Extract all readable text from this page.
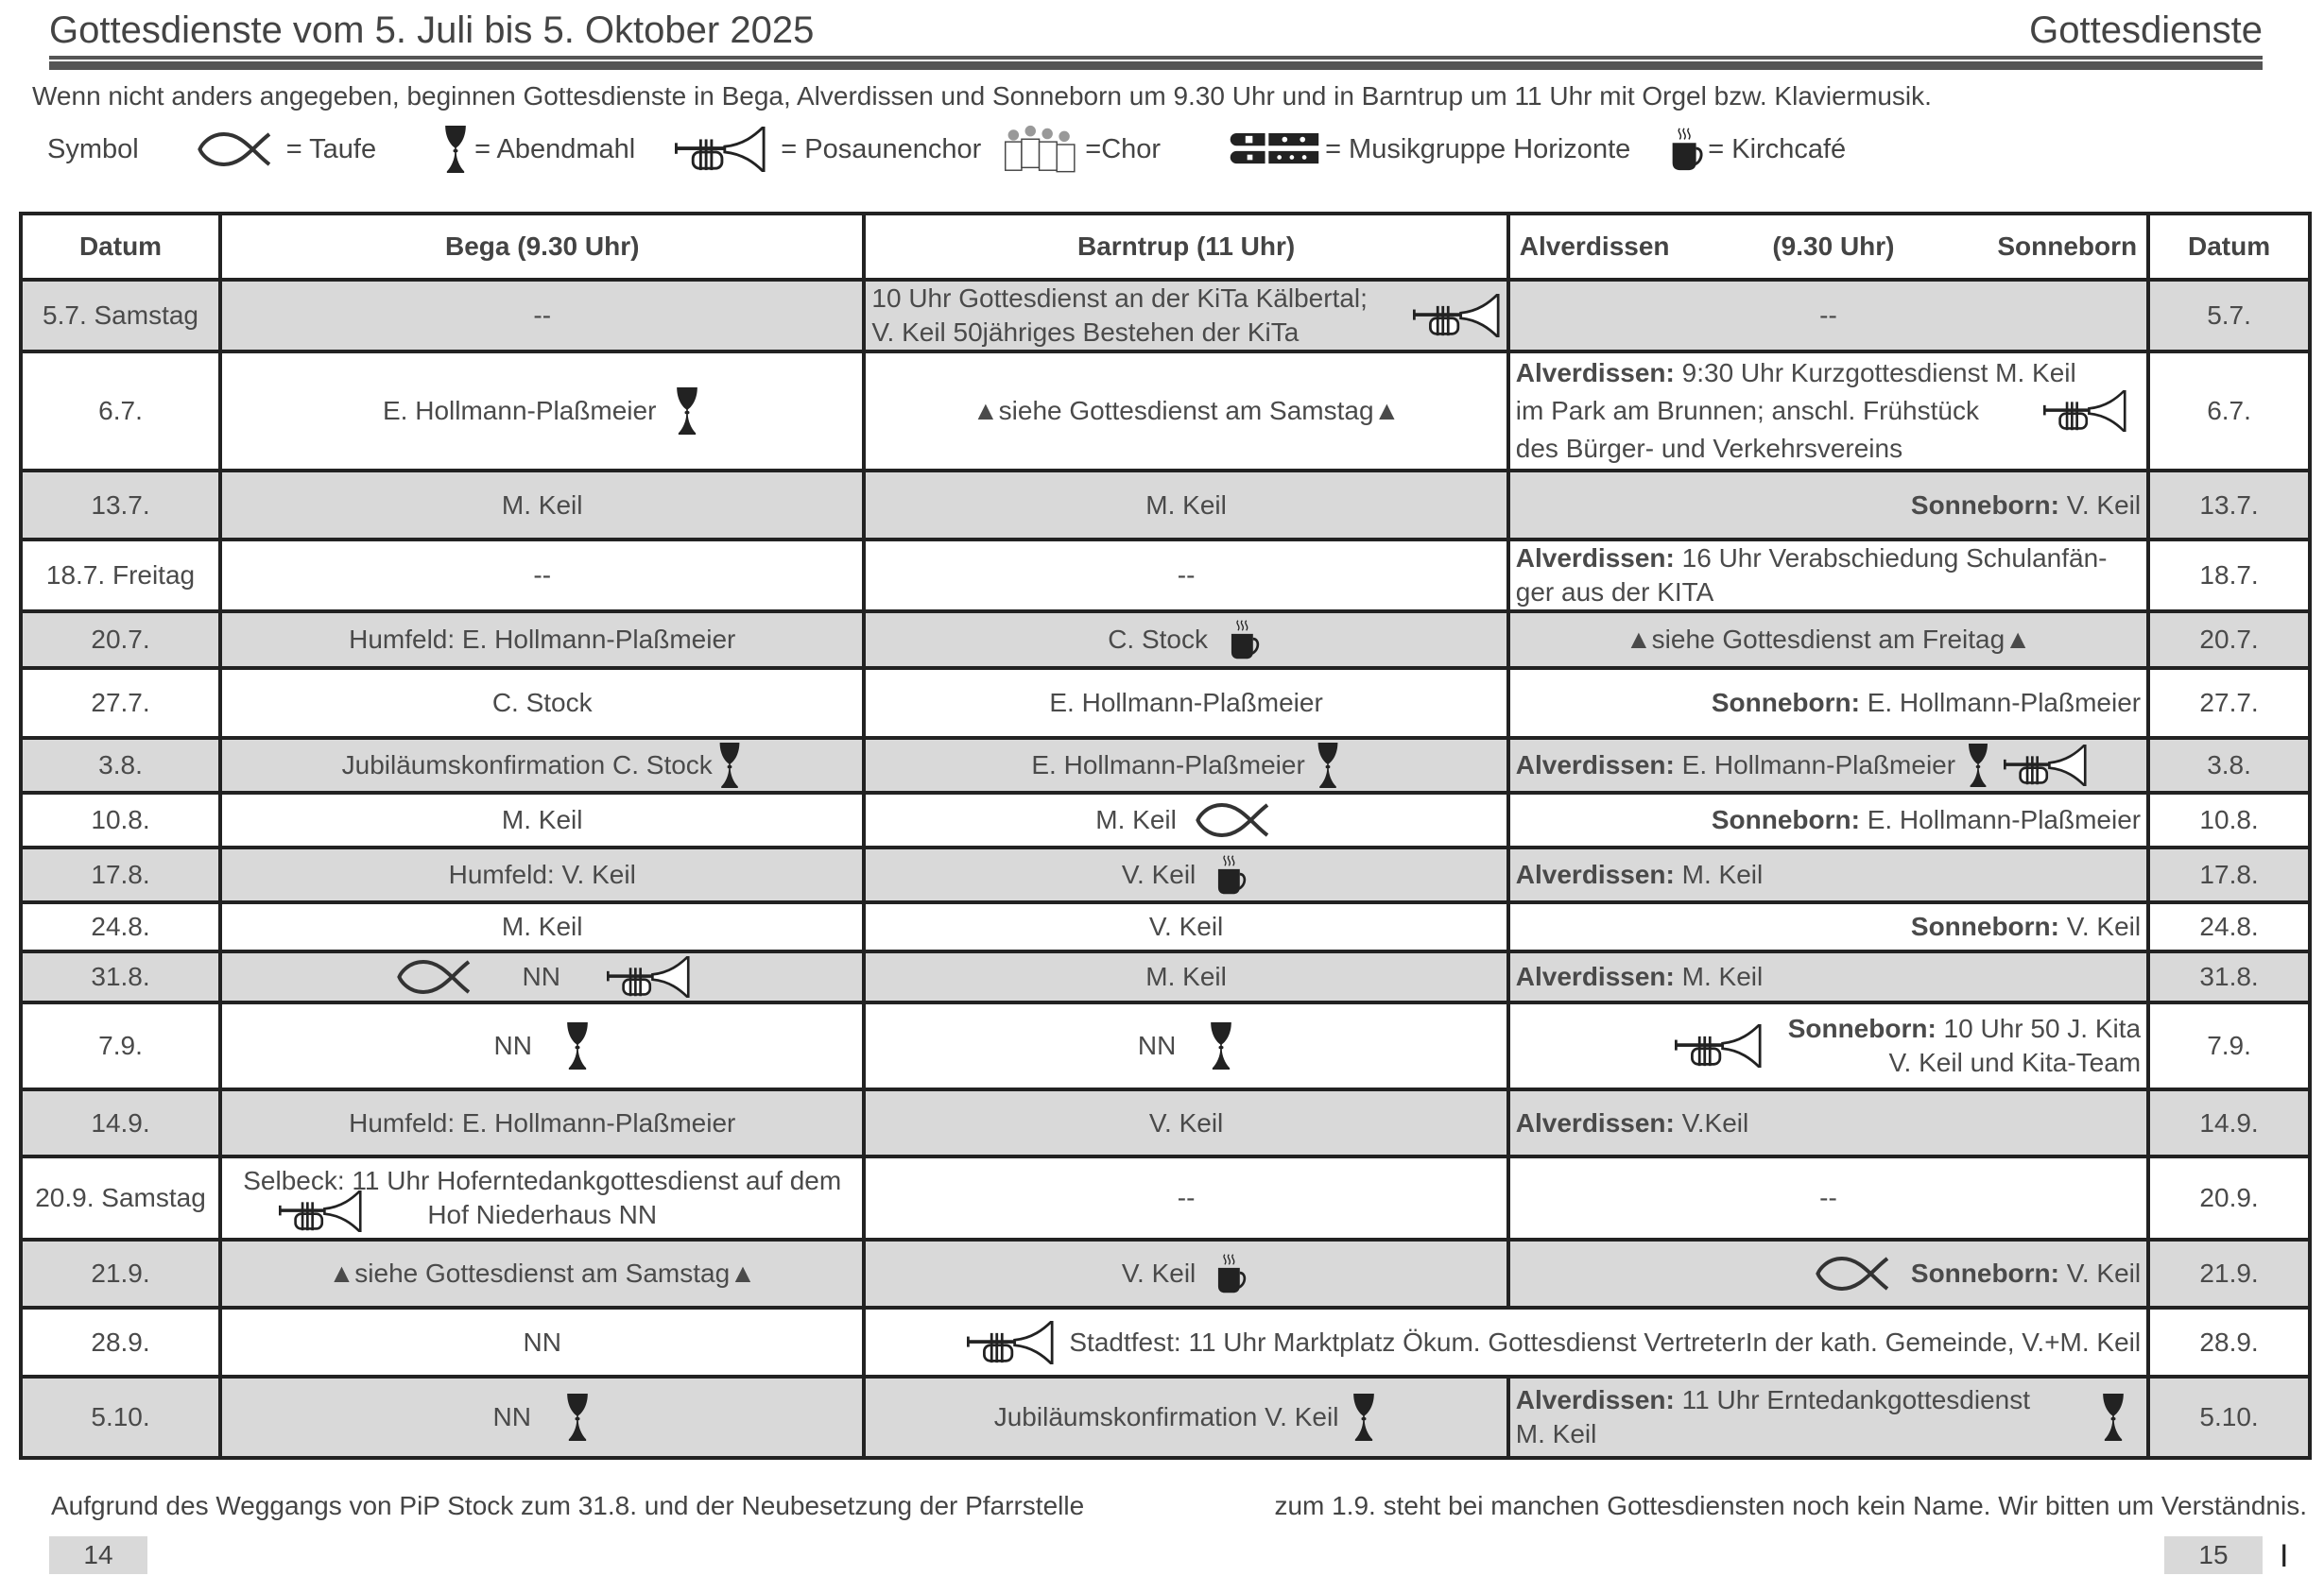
Gottesdienste vom 5. Juli bis 5. Oktober 2025	Gottesdienste
Wenn nicht anders angegeben, beginnen Gottesdienste in Bega, Alverdissen und Sonneborn um 9.30 Uhr und in Barntrup um 11 Uhr mit Orgel bzw. Klaviermusik.
Symbol	= Taufe	= Abendmahl	= Posaunenchor	=Chor	= Musikgruppe Horizonte	= Kirchcafé
Datum	Bega (9.30 Uhr)	Barntrup (11 Uhr)	Alverdissen (9.30 Uhr) Sonneborn	Datum
5.7. Samstag	--	10 Uhr Gottesdienst an der KiTa Kälbertal;
V. Keil 50jähriges Bestehen der KiTa	--	5.7.
6.7.	E. Hollmann-Plaßmeier	▲siehe Gottesdienst am Samstag▲	Alverdissen: 9:30 Uhr Kurzgottesdienst M. Keil
im Park am Brunnen; anschl. Frühstück
des Bürger- und Verkehrsvereins	6.7.
13.7.	M. Keil	M. Keil	Sonneborn: V. Keil	13.7.
18.7. Freitag	--	--	Alverdissen: 16 Uhr Verabschiedung Schulanfän-
ger aus der KITA	18.7.
20.7.	Humfeld: E. Hollmann-Plaßmeier	C. Stock	▲siehe Gottesdienst am Freitag▲	20.7.
27.7.	C. Stock	E. Hollmann-Plaßmeier	Sonneborn: E. Hollmann-Plaßmeier	27.7.
3.8.	Jubiläumskonfirmation C. Stock	E. Hollmann-Plaßmeier	Alverdissen: E. Hollmann-Plaßmeier	3.8.
10.8.	M. Keil	M. Keil	Sonneborn: E. Hollmann-Plaßmeier	10.8.
17.8.	Humfeld: V. Keil	V. Keil	Alverdissen: M. Keil	17.8.
24.8.	M. Keil	V. Keil	Sonneborn: V. Keil	24.8.
31.8.	NN	M. Keil	Alverdissen: M. Keil	31.8.
7.9.	NN	NN	Sonneborn: 10 Uhr 50 J. Kita
V. Keil und Kita-Team	7.9.
14.9.	Humfeld: E. Hollmann-Plaßmeier	V. Keil	Alverdissen: V.Keil	14.9.
20.9. Samstag	Selbeck: 11 Uhr Hoferntedankgottesdienst auf dem
Hof Niederhaus NN	--	--	20.9.
21.9.	▲siehe Gottesdienst am Samstag▲	V. Keil	Sonneborn: V. Keil	21.9.
28.9.	NN	Stadtfest: 11 Uhr Marktplatz Ökum. Gottesdienst VertreterIn der kath. Gemeinde, V.+M. Keil		28.9.
5.10.	NN	Jubiläumskonfirmation V. Keil	Alverdissen: 11 Uhr Erntedankgottesdienst
M. Keil	5.10.
Aufgrund des Weggangs von PiP Stock zum 31.8. und der Neubesetzung der Pfarrstelle	zum 1.9. steht bei manchen Gottesdiensten noch kein Name. Wir bitten um Verständnis.
14	15	I
